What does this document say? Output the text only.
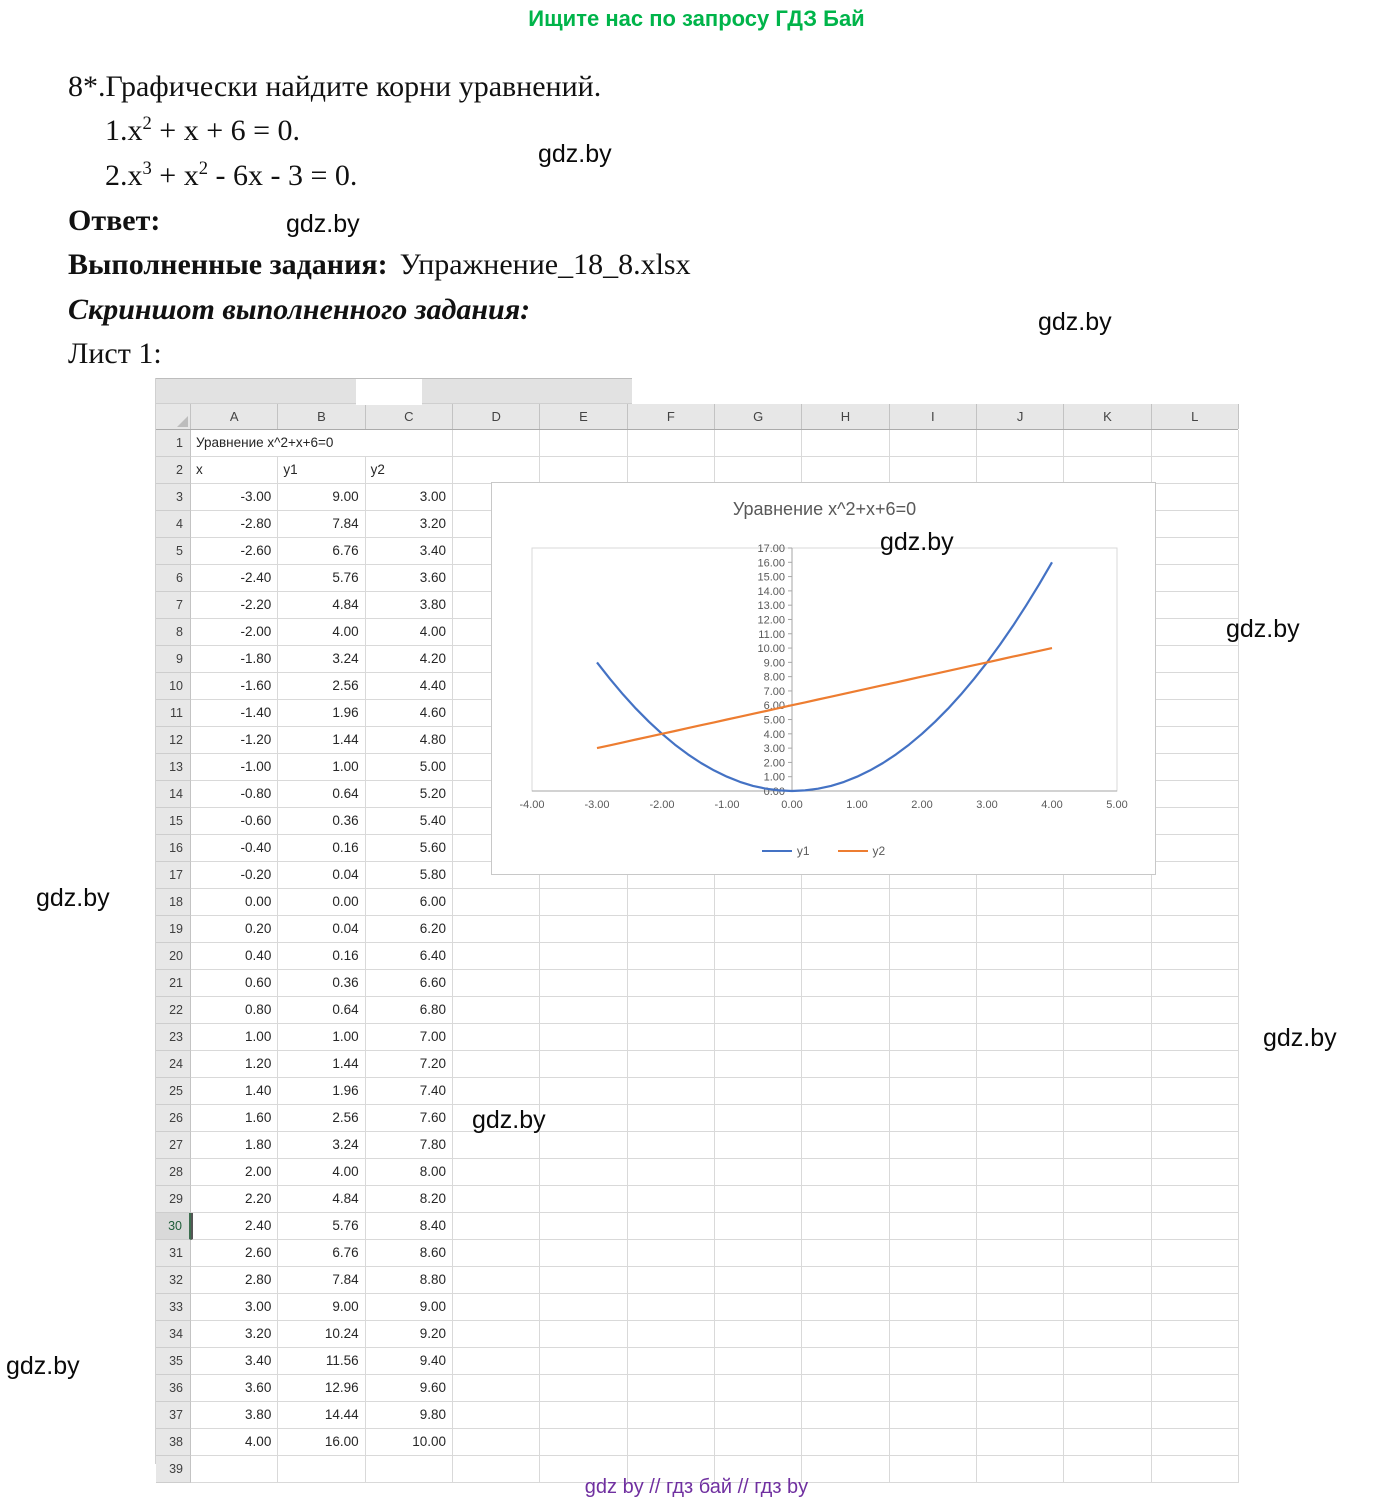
Ищите нас по запросу ГДЗ Бай
8*.Графически найдите корни уравнений.
$1.x^2 + x + 6 = 0$.
$2.x^3 + x^2 - 6x - 3 = 0$.
Ответ:
Выполненные задания: Упражнение_18_8.xlsx
Скриншот выполненного задания:
Лист 1:
A	B	C	D	E	F	G	H	I	J	K	L
1 Уравнение x^2+x+6=0
2 x	y1	y2
3	-3.00	9.00	3.00
4	-2.80	7.84	3.20
5	-2.60	6.76	3.40
6	-2.40	5.76	3.60
7	-2.20	4.84	3.80
8	-2.00	4.00	4.00
9	-1.80	3.24	4.20
10	-1.60	2.56	4.40
11	-1.40	1.96	4.60
12	-1.20	1.44	4.80
13	-1.00	1.00	5.00
14	-0.80	0.64	5.20
15	-0.60	0.36	5.40
16	-0.40	0.16	5.60
17	-0.20	0.04	5.80
18	0.00	0.00	6.00
19	0.20	0.04	6.20
20	0.40	0.16	6.40
21	0.60	0.36	6.60
22	0.80	0.64	6.80
23	1.00	1.00	7.00
24	1.20	1.44	7.20
25	1.40	1.96	7.40
26	1.60	2.56	7.60
27	1.80	3.24	7.80
28	2.00	4.00	8.00
29	2.20	4.84	8.20
30	2.40	5.76	8.40
31	2.60	6.76	8.60
32	2.80	7.84	8.80
33	3.00	9.00	9.00
34	3.20	10.24	9.20
35	3.40	11.56	9.40
36	3.60	12.96	9.60
37	3.80	14.44	9.80
38	4.00	16.00	10.00
39
0.00
1.00
2.00
3.00
4.00
5.00
6.00
7.00
8.00
9.00
10.00
11.00
12.00
13.00
14.00
15.00
16.00
17.00
-4.00	-3.00	-2.00	-1.00	0.00	1.00	2.00	3.00	4.00	5.00
Уравнение x^2+x+6=0
y1	y2
gdz.by
gdz.by
gdz.by
gdz.by
gdz.by
gdz.by
gdz.by
gdz.by
gdz.by
gdz by // гдз бай // гдз by
